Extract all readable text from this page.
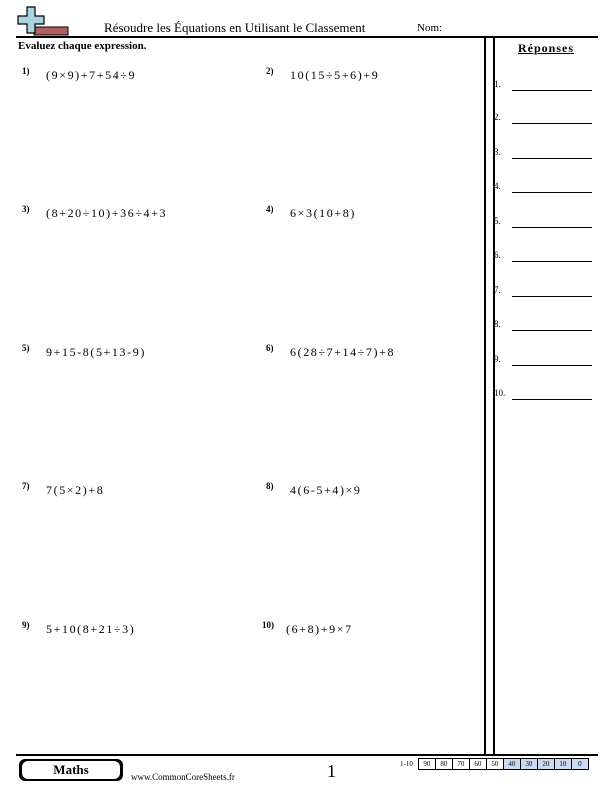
Résoudre les Équations en Utilisant le Classement	Nom:
Evaluez chaque expression.
1) (9×9)+7+54÷9	2) 10(15÷5+6)+9
3) (8+20÷10)+36÷4+3	4) 6×3(10+8)
5) 9+15-8(5+13-9)	6) 6(28÷7+14÷7)+8
7) 7(5×2)+8	8) 4(6-5+4)×9
9) 5+10(8+21÷3)	10) (6+8)+9×7
Réponses
1.
2.
3.
4.
5.
6.
7.
8.
9.
10.
Maths	www.CommonCoreSheets.fr	1	1-10	90	80	70	60	50	40	30	20	10	0
